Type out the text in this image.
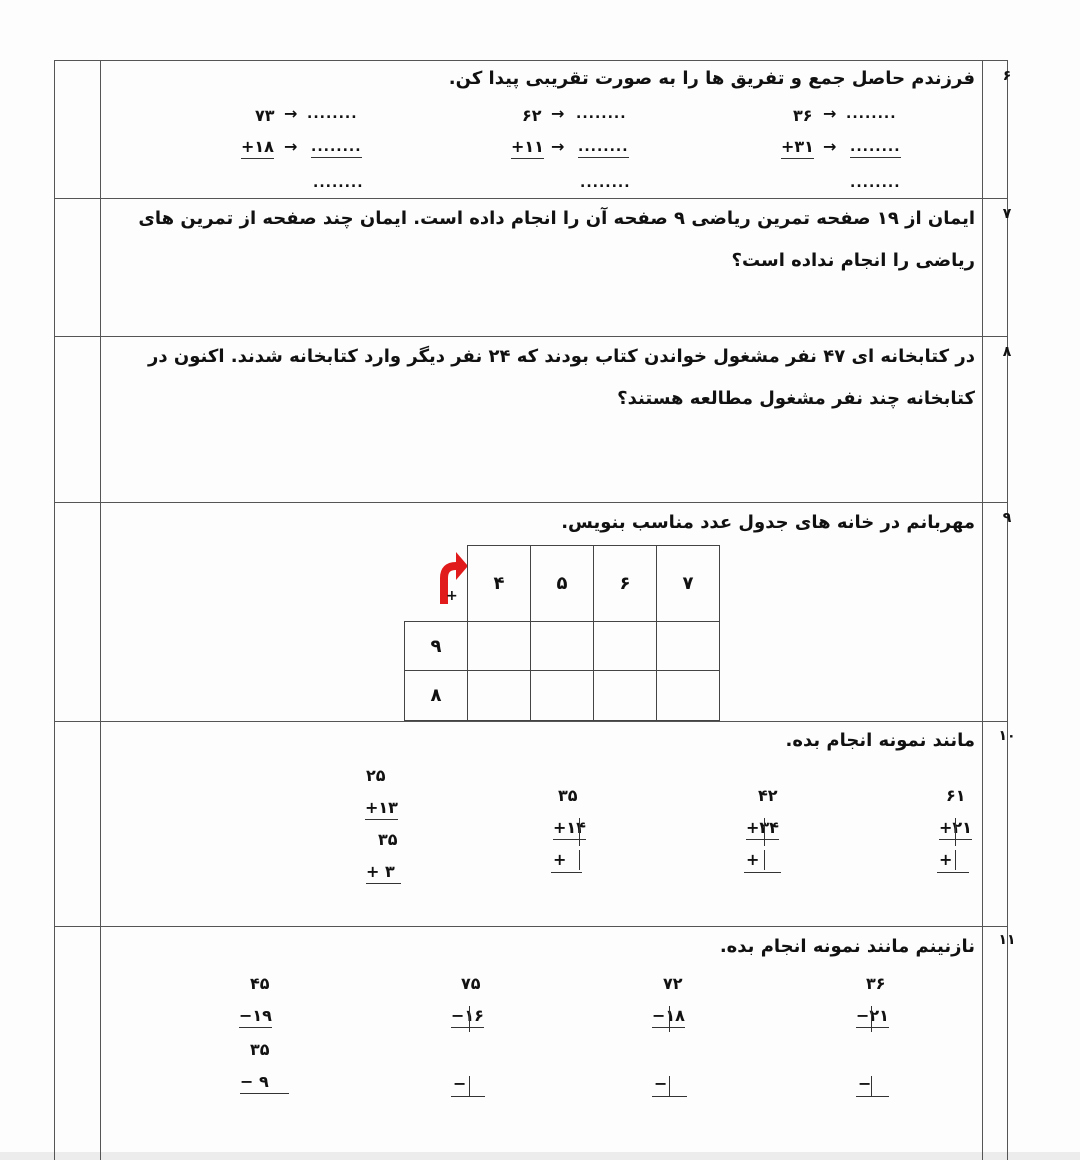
۶
فرزندم حاصل جمع و تفریق ها را به صورت تقریبی پیدا کن.
۳۶ → ........
+۳۱ → ........
........
۶۲ → ........
+۱۱ → ........
........
۷۳ → ........
+۱۸ → ........
........
۷
ایمان از ۱۹ صفحه تمرین ریاضی ۹ صفحه آن را انجام داده است. ایمان چند صفحه از تمرین های ریاضی را انجام نداده است؟
۸
در کتابخانه ای ۴۷ نفر مشغول خواندن کتاب بودند که ۲۴ نفر دیگر وارد کتابخانه شدند. اکنون در کتابخانه چند نفر مشغول مطالعه هستند؟
۹
مهربانم در خانه های جدول عدد مناسب بنویس.
+
۴	۵	۶	۷
۹
۸
۱۰
مانند نمونه انجام بده.
۲۵
+۱۳
۳۵
+ ۳
۳۵
+۱۴
+
۴۲
+۳۴
+
۶۱
+۲۱
+
۱۱
نازنینم مانند نمونه انجام بده.
۴۵
−۱۹
۳۵
− ۹
۷۵
−۱۶
−
۷۲
−۱۸
−
۳۶
−۲۱
−
